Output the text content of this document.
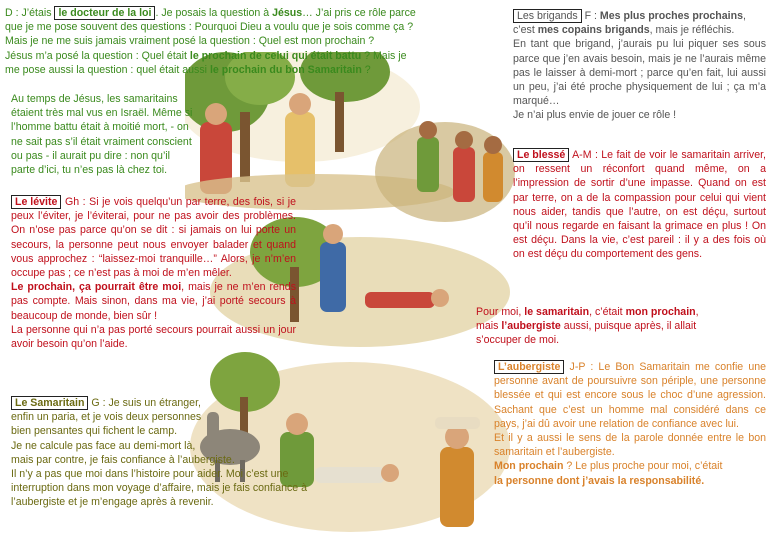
D : J’étais le docteur de la loi . Je posais la question à Jésus… J’ai pris ce rôle parce
que je me pose souvent des questions : Pourquoi Dieu a voulu que je sois comme ça ?
Mais je ne me suis jamais vraiment posé la question : Quel est mon prochain ?
Jésus m’a posé la question : Quel était le prochain de celui qui était battu ? Mais je
me pose aussi la question : quel était aussi le prochain du bon Samaritain ?
Au temps de Jésus, les samaritains
étaient très mal vus en Israël. Même si
l’homme battu était à moitié mort, - on
ne sait pas s’il était vraiment conscient
ou pas - il aurait pu dire : non qu’il
parte d’ici, tu n’es pas là chez toi.
Le lévite Gh : Si je vois quelqu’un par terre, des fois, si je peux l’éviter, je l’éviterai, pour ne pas avoir des problèmes. On n’ose pas parce qu’on se dit : si jamais on lui porte un secours, la personne peut nous envoyer balader et quand vous approchez : “laissez-moi tranquille…” Alors, je n’m’en occupe pas ; ce n’est pas à moi de m’en mêler.
Le prochain, ça pourrait être moi, mais je ne m’en rends pas compte. Mais sinon, dans ma vie, j’ai porté secours à beaucoup de monde, bien sûr !
La personne qui n’a pas porté secours pourrait aussi un jour avoir besoin qu’on l’aide.
Le Samaritain G : Je suis un étranger,
enfin un paria, et je vois deux personnes
bien pensantes qui fichent le camp.
Je ne calcule pas face au demi-mort là,
mais par contre, je fais confiance à l’aubergiste.
Il n’y a pas que moi dans l’histoire pour aider. Moi c’est une
interruption dans mon voyage d’affaire, mais je fais confiance à
l’aubergiste et je m’engage après à revenir.
Les brigands F : Mes plus proches prochains,
c’est mes copains brigands, mais je réfléchis.
En tant que brigand, j’aurais pu lui piquer ses sous parce que j’en avais besoin, mais je ne l’aurais même pas le laisser à demi-mort ; parce qu’en fait, lui aussi un peu, j’ai été proche physiquement de lui ; ça m’a marqué…
Je n’ai plus envie de jouer ce rôle !
Le blessé A-M : Le fait de voir le samaritain arriver, on ressent un réconfort quand même, on a l’impression de sortir d’une impasse. Quand on est par terre, on a de la compassion pour celui qui vient nous aider, tandis que l’autre, on est déçu, surtout qu’il nous regarde en faisant la grimace en plus ! On est déçu. Dans la vie, c’est pareil : il y a des fois où on est déçu du comportement des gens.
Pour moi, le samaritain, c’était mon prochain,
mais l’aubergiste aussi, puisque après, il allait
s’occuper de moi.
L’aubergiste J-P : Le Bon Samaritain me confie une personne avant de poursuivre son périple, une personne blessée et qui est encore sous le choc d’une agression. Sachant que c’est un homme mal considéré dans ce pays, j’ai dû avoir une relation de confiance avec lui.
Et il y a aussi le sens de la parole donnée entre le bon samaritain et l’aubergiste.
Mon prochain ? Le plus proche pour moi, c’était
la personne dont j’avais la responsabilité.
